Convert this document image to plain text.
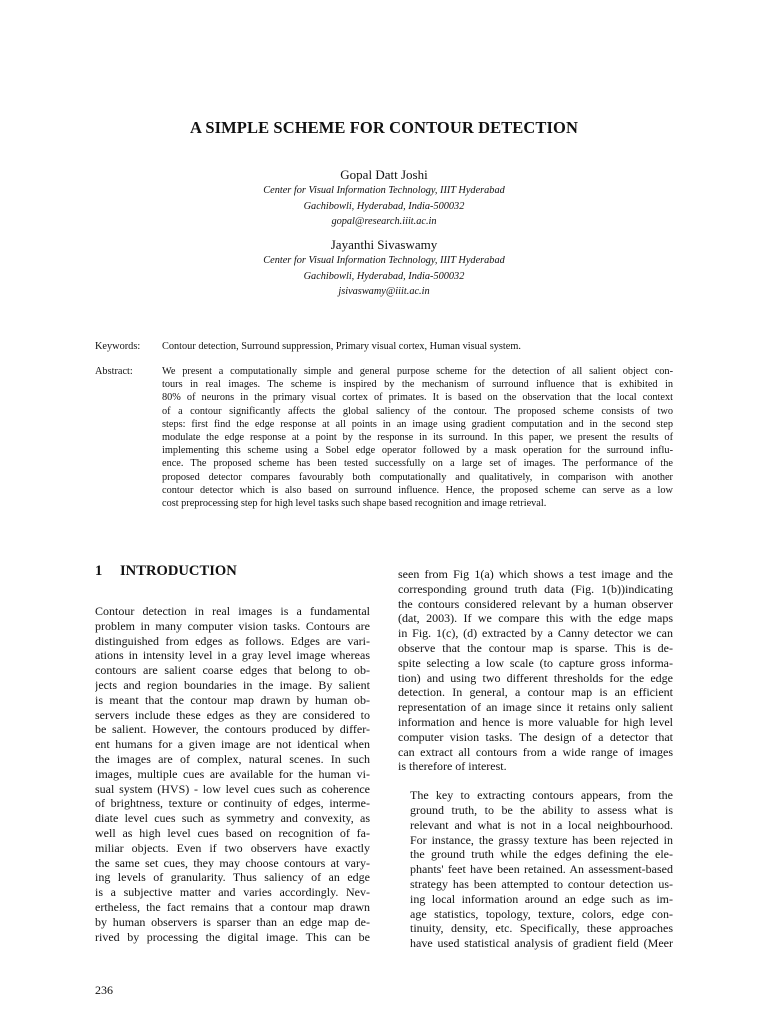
A SIMPLE SCHEME FOR CONTOUR DETECTION
Gopal Datt Joshi
Center for Visual Information Technology, IIIT Hyderabad
Gachibowli, Hyderabad, India-500032
gopal@research.iiit.ac.in
Jayanthi Sivaswamy
Center for Visual Information Technology, IIIT Hyderabad
Gachibowli, Hyderabad, India-500032
jsivaswamy@iiit.ac.in
Keywords: Contour detection, Surround suppression, Primary visual cortex, Human visual system.
Abstract:	We present a computationally simple and general purpose scheme for the detection of all salient object con-
tours in real images. The scheme is inspired by the mechanism of surround influence that is exhibited in
80% of neurons in the primary visual cortex of primates. It is based on the observation that the local context
of a contour significantly affects the global saliency of the contour. The proposed scheme consists of two
steps: first find the edge response at all points in an image using gradient computation and in the second step
modulate the edge response at a point by the response in its surround. In this paper, we present the results of
implementing this scheme using a Sobel edge operator followed by a mask operation for the surround influ-
ence. The proposed scheme has been tested successfully on a large set of images. The performance of the
proposed detector compares favourably both computationally and qualitatively, in comparison with another
contour detector which is also based on surround influence. Hence, the proposed scheme can serve as a low
cost preprocessing step for high level tasks such shape based recognition and image retrieval.
1 INTRODUCTION
Contour detection in real images is a fundamental
problem in many computer vision tasks. Contours are
distinguished from edges as follows. Edges are vari-
ations in intensity level in a gray level image whereas
contours are salient coarse edges that belong to ob-
jects and region boundaries in the image. By salient
is meant that the contour map drawn by human ob-
servers include these edges as they are considered to
be salient. However, the contours produced by differ-
ent humans for a given image are not identical when
the images are of complex, natural scenes. In such
images, multiple cues are available for the human vi-
sual system (HVS) - low level cues such as coherence
of brightness, texture or continuity of edges, interme-
diate level cues such as symmetry and convexity, as
well as high level cues based on recognition of fa-
miliar objects. Even if two observers have exactly
the same set cues, they may choose contours at vary-
ing levels of granularity. Thus saliency of an edge
is a subjective matter and varies accordingly. Nev-
ertheless, the fact remains that a contour map drawn
by human observers is sparser than an edge map de-
rived by processing the digital image. This can be
seen from Fig 1(a) which shows a test image and the
corresponding ground truth data (Fig. 1(b))indicating
the contours considered relevant by a human observer
(dat, 2003). If we compare this with the edge maps
in Fig. 1(c), (d) extracted by a Canny detector we can
observe that the contour map is sparse. This is de-
spite selecting a low scale (to capture gross informa-
tion) and using two different thresholds for the edge
detection. In general, a contour map is an efficient
representation of an image since it retains only salient
information and hence is more valuable for high level
computer vision tasks. The design of a detector that
can extract all contours from a wide range of images
is therefore of interest.
The key to extracting contours appears, from the
ground truth, to be the ability to assess what is
relevant and what is not in a local neighbourhood.
For instance, the grassy texture has been rejected in
the ground truth while the edges defining the ele-
phants' feet have been retained. An assessment-based
strategy has been attempted to contour detection us-
ing local information around an edge such as im-
age statistics, topology, texture, colors, edge con-
tinuity, density, etc. Specifically, these approaches
have used statistical analysis of gradient field (Meer
236
